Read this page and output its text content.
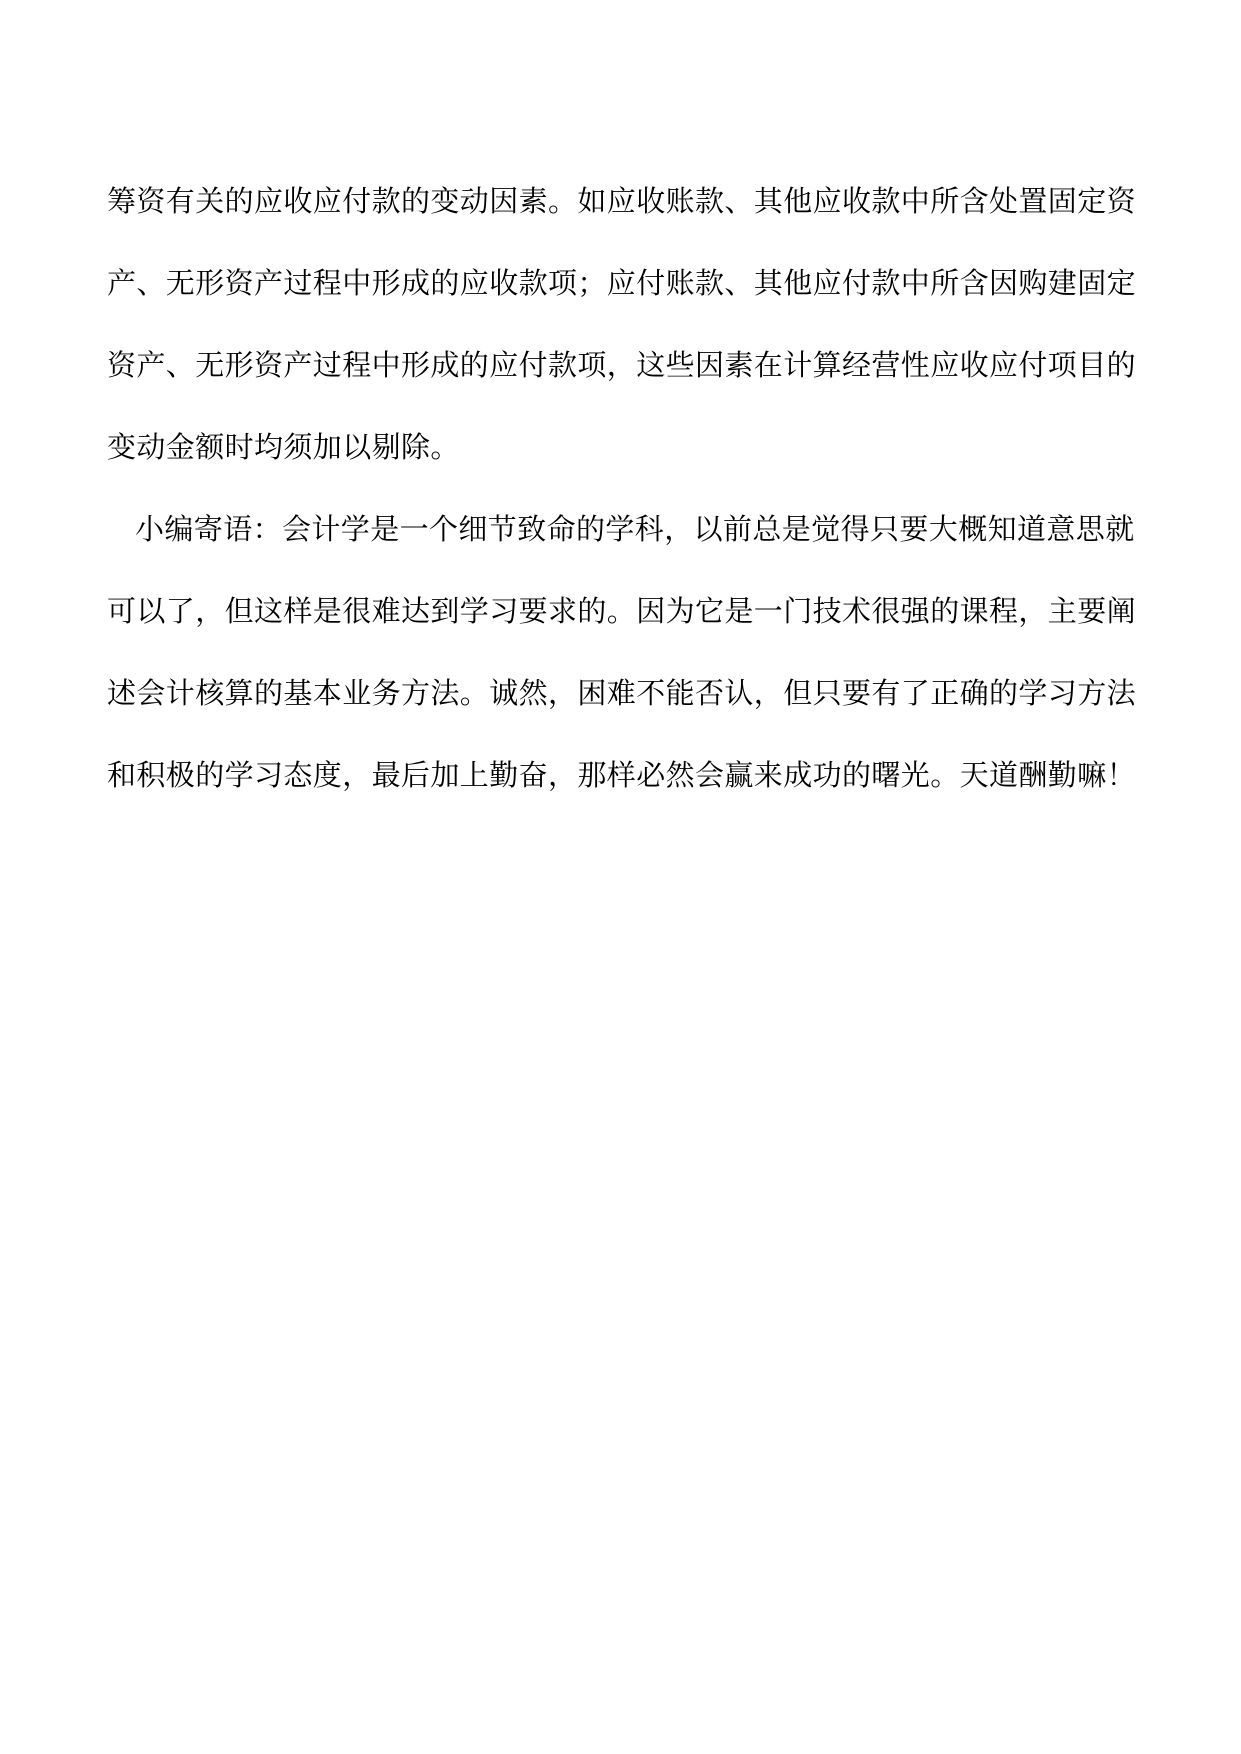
筹资有关的应收应付款的变动因素。如应收账款、其他应收款中所含处置固定资
产、无形资产过程中形成的应收款项；应付账款、其他应付款中所含因购建固定
资产、无形资产过程中形成的应付款项，这些因素在计算经营性应收应付项目的
变动金额时均须加以剔除。
小编寄语：会计学是一个细节致命的学科，以前总是觉得只要大概知道意思就
可以了，但这样是很难达到学习要求的。因为它是一门技术很强的课程，主要阐
述会计核算的基本业务方法。诚然，困难不能否认，但只要有了正确的学习方法
和积极的学习态度，最后加上勤奋，那样必然会赢来成功的曙光。天道酬勤嘛！
